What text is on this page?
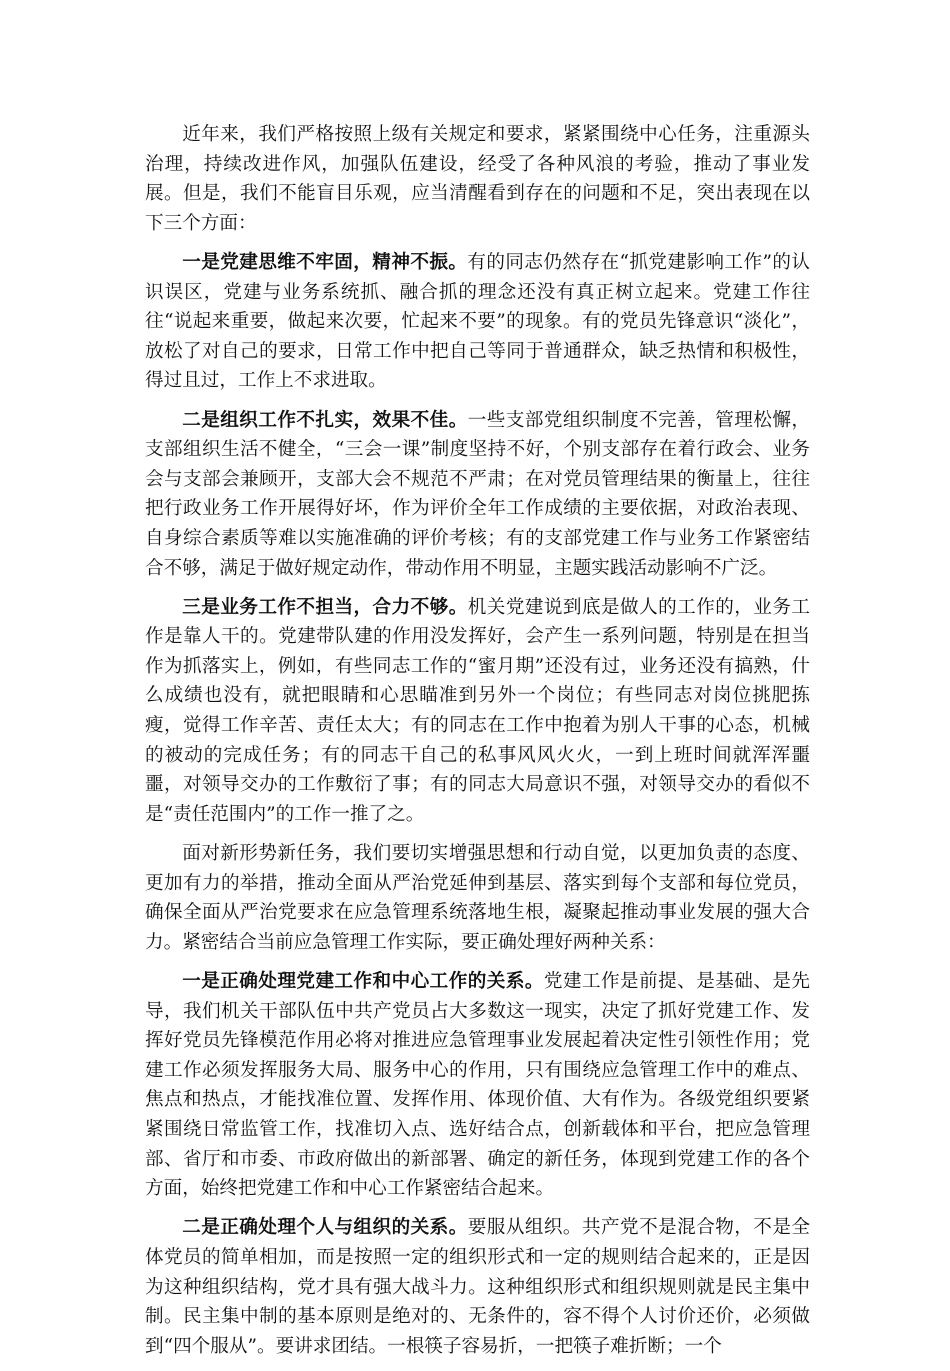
近年来，我们严格按照上级有关规定和要求，紧紧围绕中心任务，注重源头治理，持续改进作风，加强队伍建设，经受了各种风浪的考验，推动了事业发展。但是，我们不能盲目乐观，应当清醒看到存在的问题和不足，突出表现在以下三个方面：

一是党建思维不牢固，精神不振。有的同志仍然存在“抓党建影响工作”的认识误区，党建与业务系统抓、融合抓的理念还没有真正树立起来。党建工作往往“说起来重要，做起来次要，忙起来不要”的现象。有的党员先锋意识“淡化”，放松了对自己的要求，日常工作中把自己等同于普通群众，缺乏热情和积极性，得过且过，工作上不求进取。

二是组织工作不扎实，效果不佳。一些支部党组织制度不完善，管理松懈，支部组织生活不健全，“三会一课”制度坚持不好，个别支部存在着行政会、业务会与支部会兼顾开，支部大会不规范不严肃；在对党员管理结果的衡量上，往往把行政业务工作开展得好坏，作为评价全年工作成绩的主要依据，对政治表现、自身综合素质等难以实施准确的评价考核；有的支部党建工作与业务工作紧密结合不够，满足于做好规定动作，带动作用不明显，主题实践活动影响不广泛。

三是业务工作不担当，合力不够。机关党建说到底是做人的工作的，业务工作是靠人干的。党建带队建的作用没发挥好，会产生一系列问题，特别是在担当作为抓落实上，例如，有些同志工作的“蜜月期”还没有过，业务还没有搞熟，什么成绩也没有，就把眼睛和心思瞄准到另外一个岗位；有些同志对岗位挑肥拣瘦，觉得工作辛苦、责任太大；有的同志在工作中抱着为别人干事的心态，机械的被动的完成任务；有的同志干自己的私事风风火火，一到上班时间就浑浑噩噩，对领导交办的工作敷衍了事；有的同志大局意识不强，对领导交办的看似不是“责任范围内”的工作一推了之。

面对新形势新任务，我们要切实增强思想和行动自觉，以更加负责的态度、更加有力的举措，推动全面从严治党延伸到基层、落实到每个支部和每位党员，确保全面从严治党要求在应急管理系统落地生根，凝聚起推动事业发展的强大合力。紧密结合当前应急管理工作实际，要正确处理好两种关系：

一是正确处理党建工作和中心工作的关系。党建工作是前提、是基础、是先导，我们机关干部队伍中共产党员占大多数这一现实，决定了抓好党建工作、发挥好党员先锋模范作用必将对推进应急管理事业发展起着决定性引领性作用；党建工作必须发挥服务大局、服务中心的作用，只有围绕应急管理工作中的难点、焦点和热点，才能找准位置、发挥作用、体现价值、大有作为。各级党组织要紧紧围绕日常监管工作，找准切入点、选好结合点，创新载体和平台，把应急管理部、省厅和市委、市政府做出的新部署、确定的新任务，体现到党建工作的各个方面，始终把党建工作和中心工作紧密结合起来。

二是正确处理个人与组织的关系。要服从组织。共产党不是混合物，不是全体党员的简单相加，而是按照一定的组织形式和一定的规则结合起来的，正是因为这种组织结构，党才具有强大战斗力。这种组织形式和组织规则就是民主集中制。民主集中制的基本原则是绝对的、无条件的，容不得个人讨价还价，必须做到“四个服从”。要讲求团结。一根筷子容易折，一把筷子难折断；一个
